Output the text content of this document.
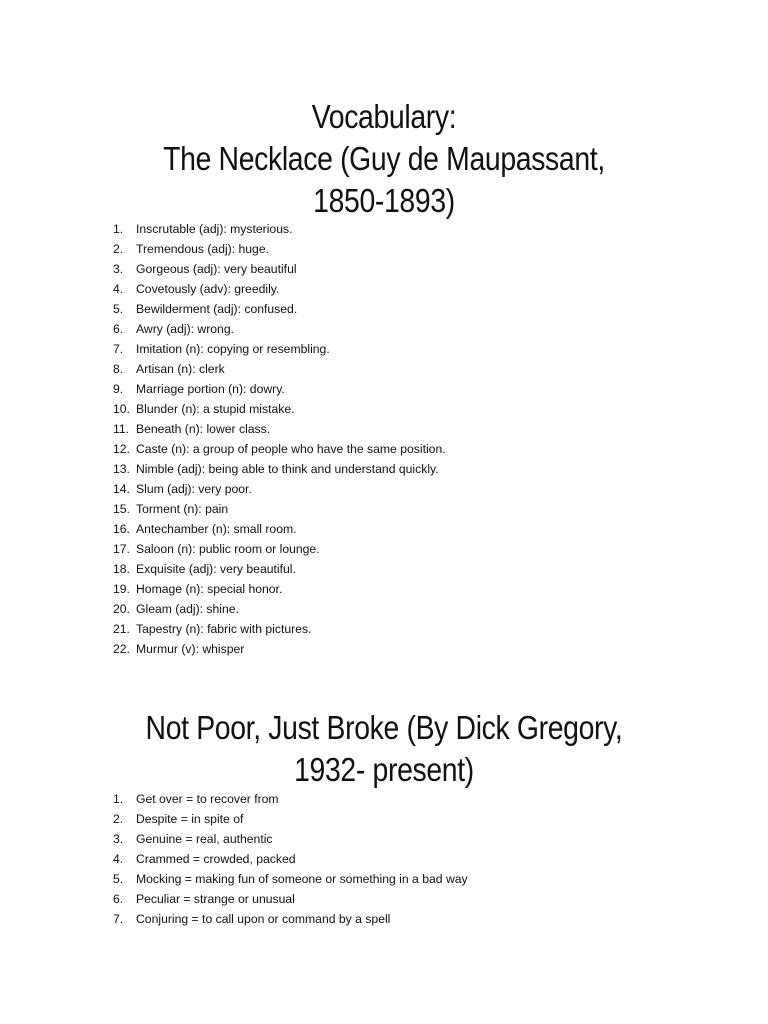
Vocabulary:
The Necklace (Guy de Maupassant,
1850-1893)
1.	Inscrutable (adj): mysterious.
2.	Tremendous (adj): huge.
3.	Gorgeous (adj): very beautiful
4.	Covetously (adv): greedily.
5.	Bewilderment (adj): confused.
6.	Awry (adj): wrong.
7.	Imitation (n): copying or resembling.
8.	Artisan (n): clerk
9.	Marriage portion (n): dowry.
10. Blunder (n): a stupid mistake.
11. Beneath (n): lower class.
12. Caste (n): a group of people who have the same position.
13. Nimble (adj): being able to think and understand quickly.
14. Slum (adj): very poor.
15. Torment (n): pain
16. Antechamber (n): small room.
17. Saloon (n): public room or lounge.
18. Exquisite (adj): very beautiful.
19. Homage (n): special honor.
20. Gleam (adj): shine.
21. Tapestry (n): fabric with pictures.
22. Murmur (v): whisper
Not Poor, Just Broke (By Dick Gregory,
1932- present)
1.	Get over = to recover from
2.	Despite = in spite of
3.	Genuine = real, authentic
4.	Crammed = crowded, packed
5.	Mocking = making fun of someone or something in a bad way
6.	Peculiar = strange or unusual
7.	Conjuring = to call upon or command by a spell
